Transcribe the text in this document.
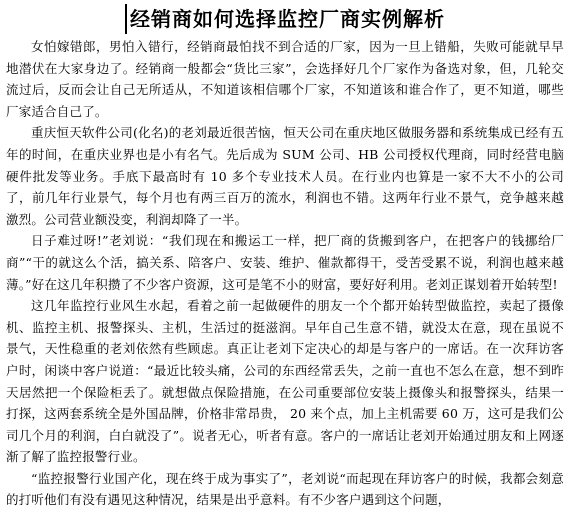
经销商如何选择监控厂商实例解析

女怕嫁错郎，男怕入错行，经销商最怕找不到合适的厂家，因为一旦上错船，失败可能就早早地潜伏在大家身边了。经销商一般都会“货比三家”，会选择好几个厂家作为备选对象，但，几轮交流过后，反而会让自己无所适从，不知道该相信哪个厂家，不知道该和谁合作了，更不知道，哪些厂家适合自己了。

重庆恒天软件公司(化名)的老刘最近很苦恼，恒天公司在重庆地区做服务器和系统集成已经有五年的时间，在重庆业界也是小有名气。先后成为 SUM 公司、HB 公司授权代理商，同时经营电脑硬件批发等业务。手底下最高时有 10 多个专业技术人员。在行业内也算是一家不大不小的公司了，前几年行业景气，每个月也有两三百万的流水，利润也不错。这两年行业不景气，竞争越来越激烈。公司营业额没变，利润却降了一半。

日子难过呀!”老刘说：“我们现在和搬运工一样，把厂商的货搬到客户，在把客户的钱挪给厂商”“干的就这么个活，搞关系、陪客户、安装、维护、催款都得干，受苦受累不说，利润也越来越薄。”好在这几年积攒了不少客户资源，这可是笔不小的财富，要好好利用。老刘正谋划着开始转型!

这几年监控行业风生水起，看着之前一起做硬件的朋友一个个都开始转型做监控，卖起了摄像机、监控主机、报警探头、主机，生活过的挺滋润。早年自己生意不错，就没太在意，现在虽说不景气，天性稳重的老刘依然有些顾虑。真正让老刘下定决心的却是与客户的一席话。在一次拜访客户时，闲谈中客户说道：“最近比较头痛，公司的东西经常丢失，之前一直也不怎么在意，想不到昨天居然把一个保险柜丢了。就想做点保险措施，在公司重要部位安装上摄像头和报警探头，结果一打探，这两套系统全是外国品牌，价格非常昂贵， 20 来个点，加上主机需要 60 万，这可是我们公司几个月的利润，白白就没了”。说者无心，听者有意。客户的一席话让老刘开始通过朋友和上网逐渐了解了监控报警行业。

“监控报警行业国产化，现在终于成为事实了”，老刘说“而起现在拜访客户的时候，我都会刻意的打听他们有没有遇见这种情况，结果是出乎意料。有不少客户遇到这个问题，
